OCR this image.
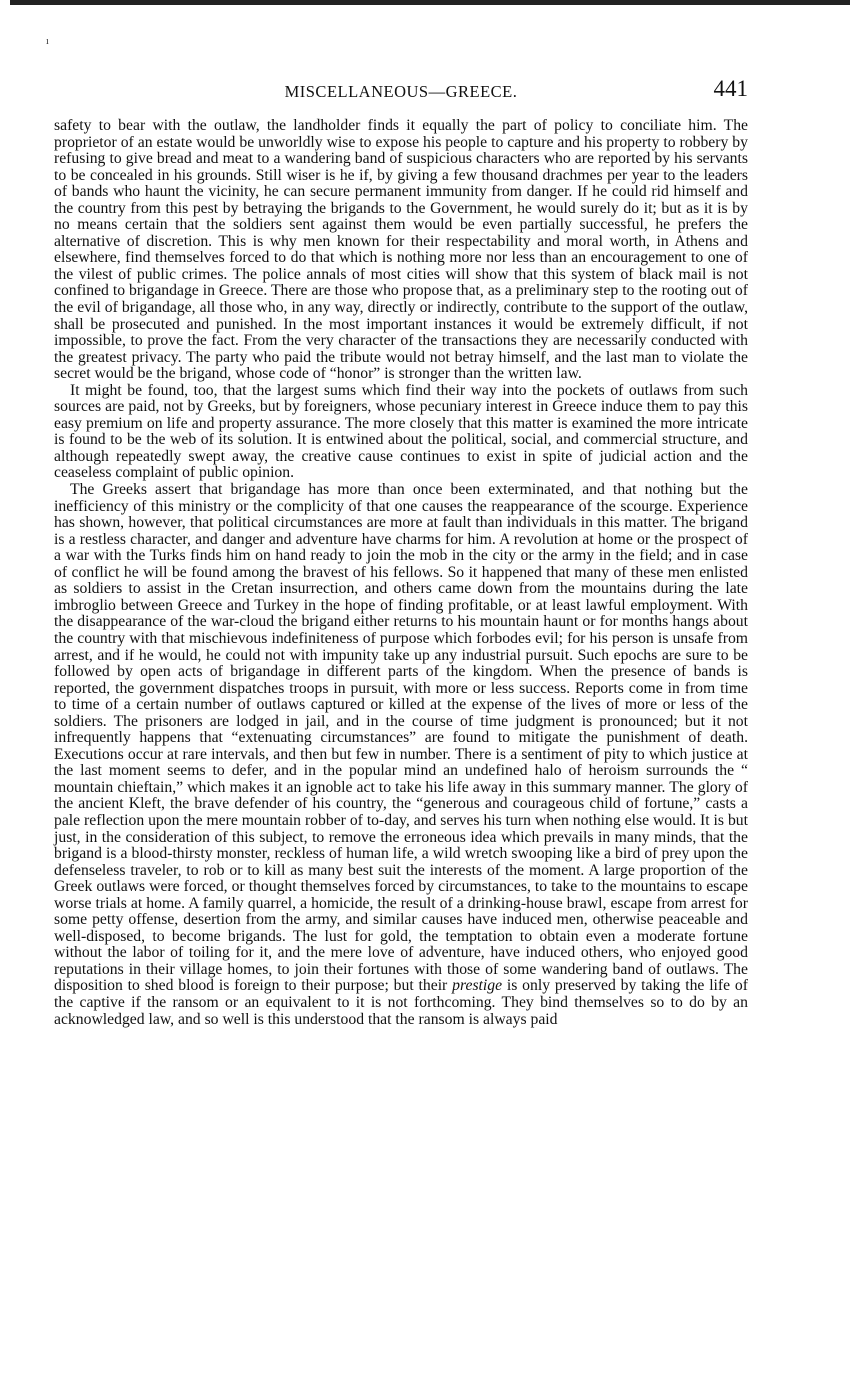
ı
MISCELLANEOUS—GREECE.	441

safety to bear with the outlaw, the landholder finds it equally the part of policy to conciliate him. The proprietor of an estate would be unworldly wise to expose his people to capture and his property to robbery by refusing to give bread and meat to a wandering band of suspicious characters who are reported by his servants to be concealed in his grounds. Still wiser is he if, by giving a few thousand drachmes per year to the leaders of bands who haunt the vicinity, he can secure permanent immunity from danger. If he could rid himself and the country from this pest by betraying the brigands to the Government, he would surely do it; but as it is by no means certain that the soldiers sent against them would be even partially successful, he prefers the alternative of discretion. This is why men known for their respectability and moral worth, in Athens and elsewhere, find themselves forced to do that which is nothing more nor less than an encouragement to one of the vilest of public crimes. The police annals of most cities will show that this system of black mail is not confined to brigandage in Greece. There are those who propose that, as a preliminary step to the rooting out of the evil of brigandage, all those who, in any way, directly or indirectly, contribute to the support of the outlaw, shall be prosecuted and punished. In the most important instances it would be extremely difficult, if not impossible, to prove the fact. From the very character of the transactions they are necessarily conducted with the greatest privacy. The party who paid the tribute would not betray himself, and the last man to violate the secret would be the brigand, whose code of “honor” is stronger than the written law.

It might be found, too, that the largest sums which find their way into the pockets of outlaws from such sources are paid, not by Greeks, but by foreigners, whose pecuniary interest in Greece induce them to pay this easy premium on life and property assurance. The more closely that this matter is examined the more intricate is found to be the web of its solution. It is entwined about the political, social, and commercial structure, and although repeatedly swept away, the creative cause continues to exist in spite of judicial action and the ceaseless complaint of public opinion.

The Greeks assert that brigandage has more than once been exterminated, and that nothing but the inefficiency of this ministry or the complicity of that one causes the reappearance of the scourge. Experience has shown, however, that political circumstances are more at fault than individuals in this matter. The brigand is a restless character, and danger and adventure have charms for him. A revolution at home or the prospect of a war with the Turks finds him on hand ready to join the mob in the city or the army in the field; and in case of conflict he will be found among the bravest of his fellows. So it happened that many of these men enlisted as soldiers to assist in the Cretan insurrection, and others came down from the mountains during the late imbroglio between Greece and Turkey in the hope of finding profitable, or at least lawful employment. With the disappearance of the war-cloud the brigand either returns to his mountain haunt or for months hangs about the country with that mischievous indefiniteness of purpose which forbodes evil; for his person is unsafe from arrest, and if he would, he could not with impunity take up any industrial pursuit. Such epochs are sure to be followed by open acts of brigandage in different parts of the kingdom. When the presence of bands is reported, the government dispatches troops in pursuit, with more or less success. Reports come in from time to time of a certain number of outlaws captured or killed at the expense of the lives of more or less of the soldiers. The prisoners are lodged in jail, and in the course of time judgment is pronounced; but it not infrequently happens that “extenuating circumstances” are found to mitigate the punishment of death. Executions occur at rare intervals, and then but few in number. There is a sentiment of pity to which justice at the last moment seems to defer, and in the popular mind an undefined halo of heroism surrounds the “ mountain chieftain,” which makes it an ignoble act to take his life away in this summary manner. The glory of the ancient Kleft, the brave defender of his country, the “generous and courageous child of fortune,” casts a pale reflection upon the mere mountain robber of to-day, and serves his turn when nothing else would. It is but just, in the consideration of this subject, to remove the erroneous idea which prevails in many minds, that the brigand is a blood-thirsty monster, reckless of human life, a wild wretch swooping like a bird of prey upon the defenseless traveler, to rob or to kill as many best suit the interests of the moment. A large proportion of the Greek outlaws were forced, or thought themselves forced by circumstances, to take to the mountains to escape worse trials at home. A family quarrel, a homicide, the result of a drinking-house brawl, escape from arrest for some petty offense, desertion from the army, and similar causes have induced men, otherwise peaceable and well-disposed, to become brigands. The lust for gold, the temptation to obtain even a moderate fortune without the labor of toiling for it, and the mere love of adventure, have induced others, who enjoyed good reputations in their village homes, to join their fortunes with those of some wandering band of outlaws. The disposition to shed blood is foreign to their purpose; but their prestige is only preserved by taking the life of the captive if the ransom or an equivalent to it is not forthcoming. They bind themselves so to do by an acknowledged law, and so well is this understood that the ransom is always paid
